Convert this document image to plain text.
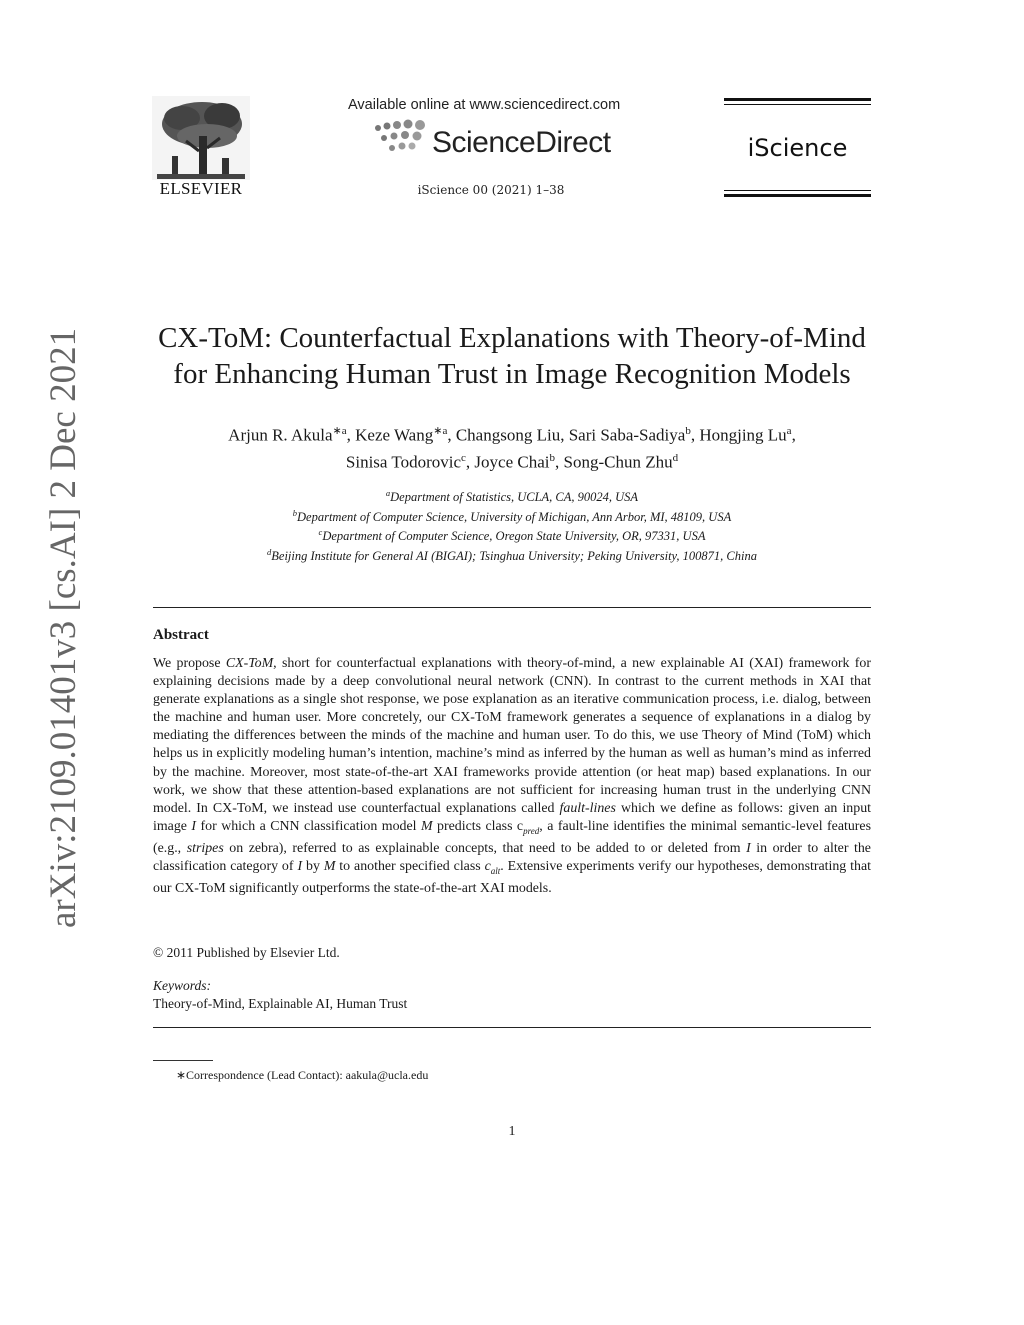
ELSEVIER
Available online at www.sciencedirect.com
ScienceDirect
iScience 00 (2021) 1–38
iScience
arXiv:2109.01401v3 [cs.AI] 2 Dec 2021	CX-ToM: Counterfactual Explanations with Theory-of-Mind
for Enhancing Human Trust in Image Recognition Models
Arjun R. Akula$^{∗a}$, Keze Wang$^{∗a}$, Changsong Liu, Sari Saba-Sadiya$^b$, Hongjing Lu$^a$,
Sinisa Todorovic$^c$, Joyce Chai$^b$, Song-Chun Zhu$^d$
$^a$Department of Statistics, UCLA, CA, 90024, USA
$^b$Department of Computer Science, University of Michigan, Ann Arbor, MI, 48109, USA
$^c$Department of Computer Science, Oregon State University, OR, 97331, USA
$^d$Beijing Institute for General AI (BIGAI); Tsinghua University; Peking University, 100871, China
Abstract
We propose CX-ToM, short for counterfactual explanations with theory-of-mind, a new explainable AI (XAI) framework for explaining decisions made by a deep convolutional neural network (CNN). In contrast to the current methods in XAI that generate explanations as a single shot response, we pose explanation as an iterative communication process, i.e. dialog, between the machine and human user. More concretely, our CX-ToM framework generates a sequence of explanations in a dialog by mediating the differences between the minds of the machine and human user. To do this, we use Theory of Mind (ToM) which helps us in explicitly modeling human’s intention, machine’s mind as inferred by the human as well as human’s mind as inferred by the machine. Moreover, most state-of-the-art XAI frameworks provide attention (or heat map) based explanations. In our work, we show that these attention-based explanations are not sufficient for increasing human trust in the underlying CNN model. In CX-ToM, we instead use counterfactual explanations called fault-lines which we define as follows: given an input image I for which a CNN classification model M predicts class $c_{pred}$, a fault-line identifies the minimal semantic-level features (e.g., stripes on zebra), referred to as explainable concepts, that need to be added to or deleted from I in order to alter the classification category of I by M to another specified class $c_{alt}$. Extensive experiments verify our hypotheses, demonstrating that our CX-ToM significantly outperforms the state-of-the-art XAI models.
© 2011 Published by Elsevier Ltd.
Keywords:
Theory-of-Mind, Explainable AI, Human Trust
∗Correspondence (Lead Contact): aakula@ucla.edu
1
